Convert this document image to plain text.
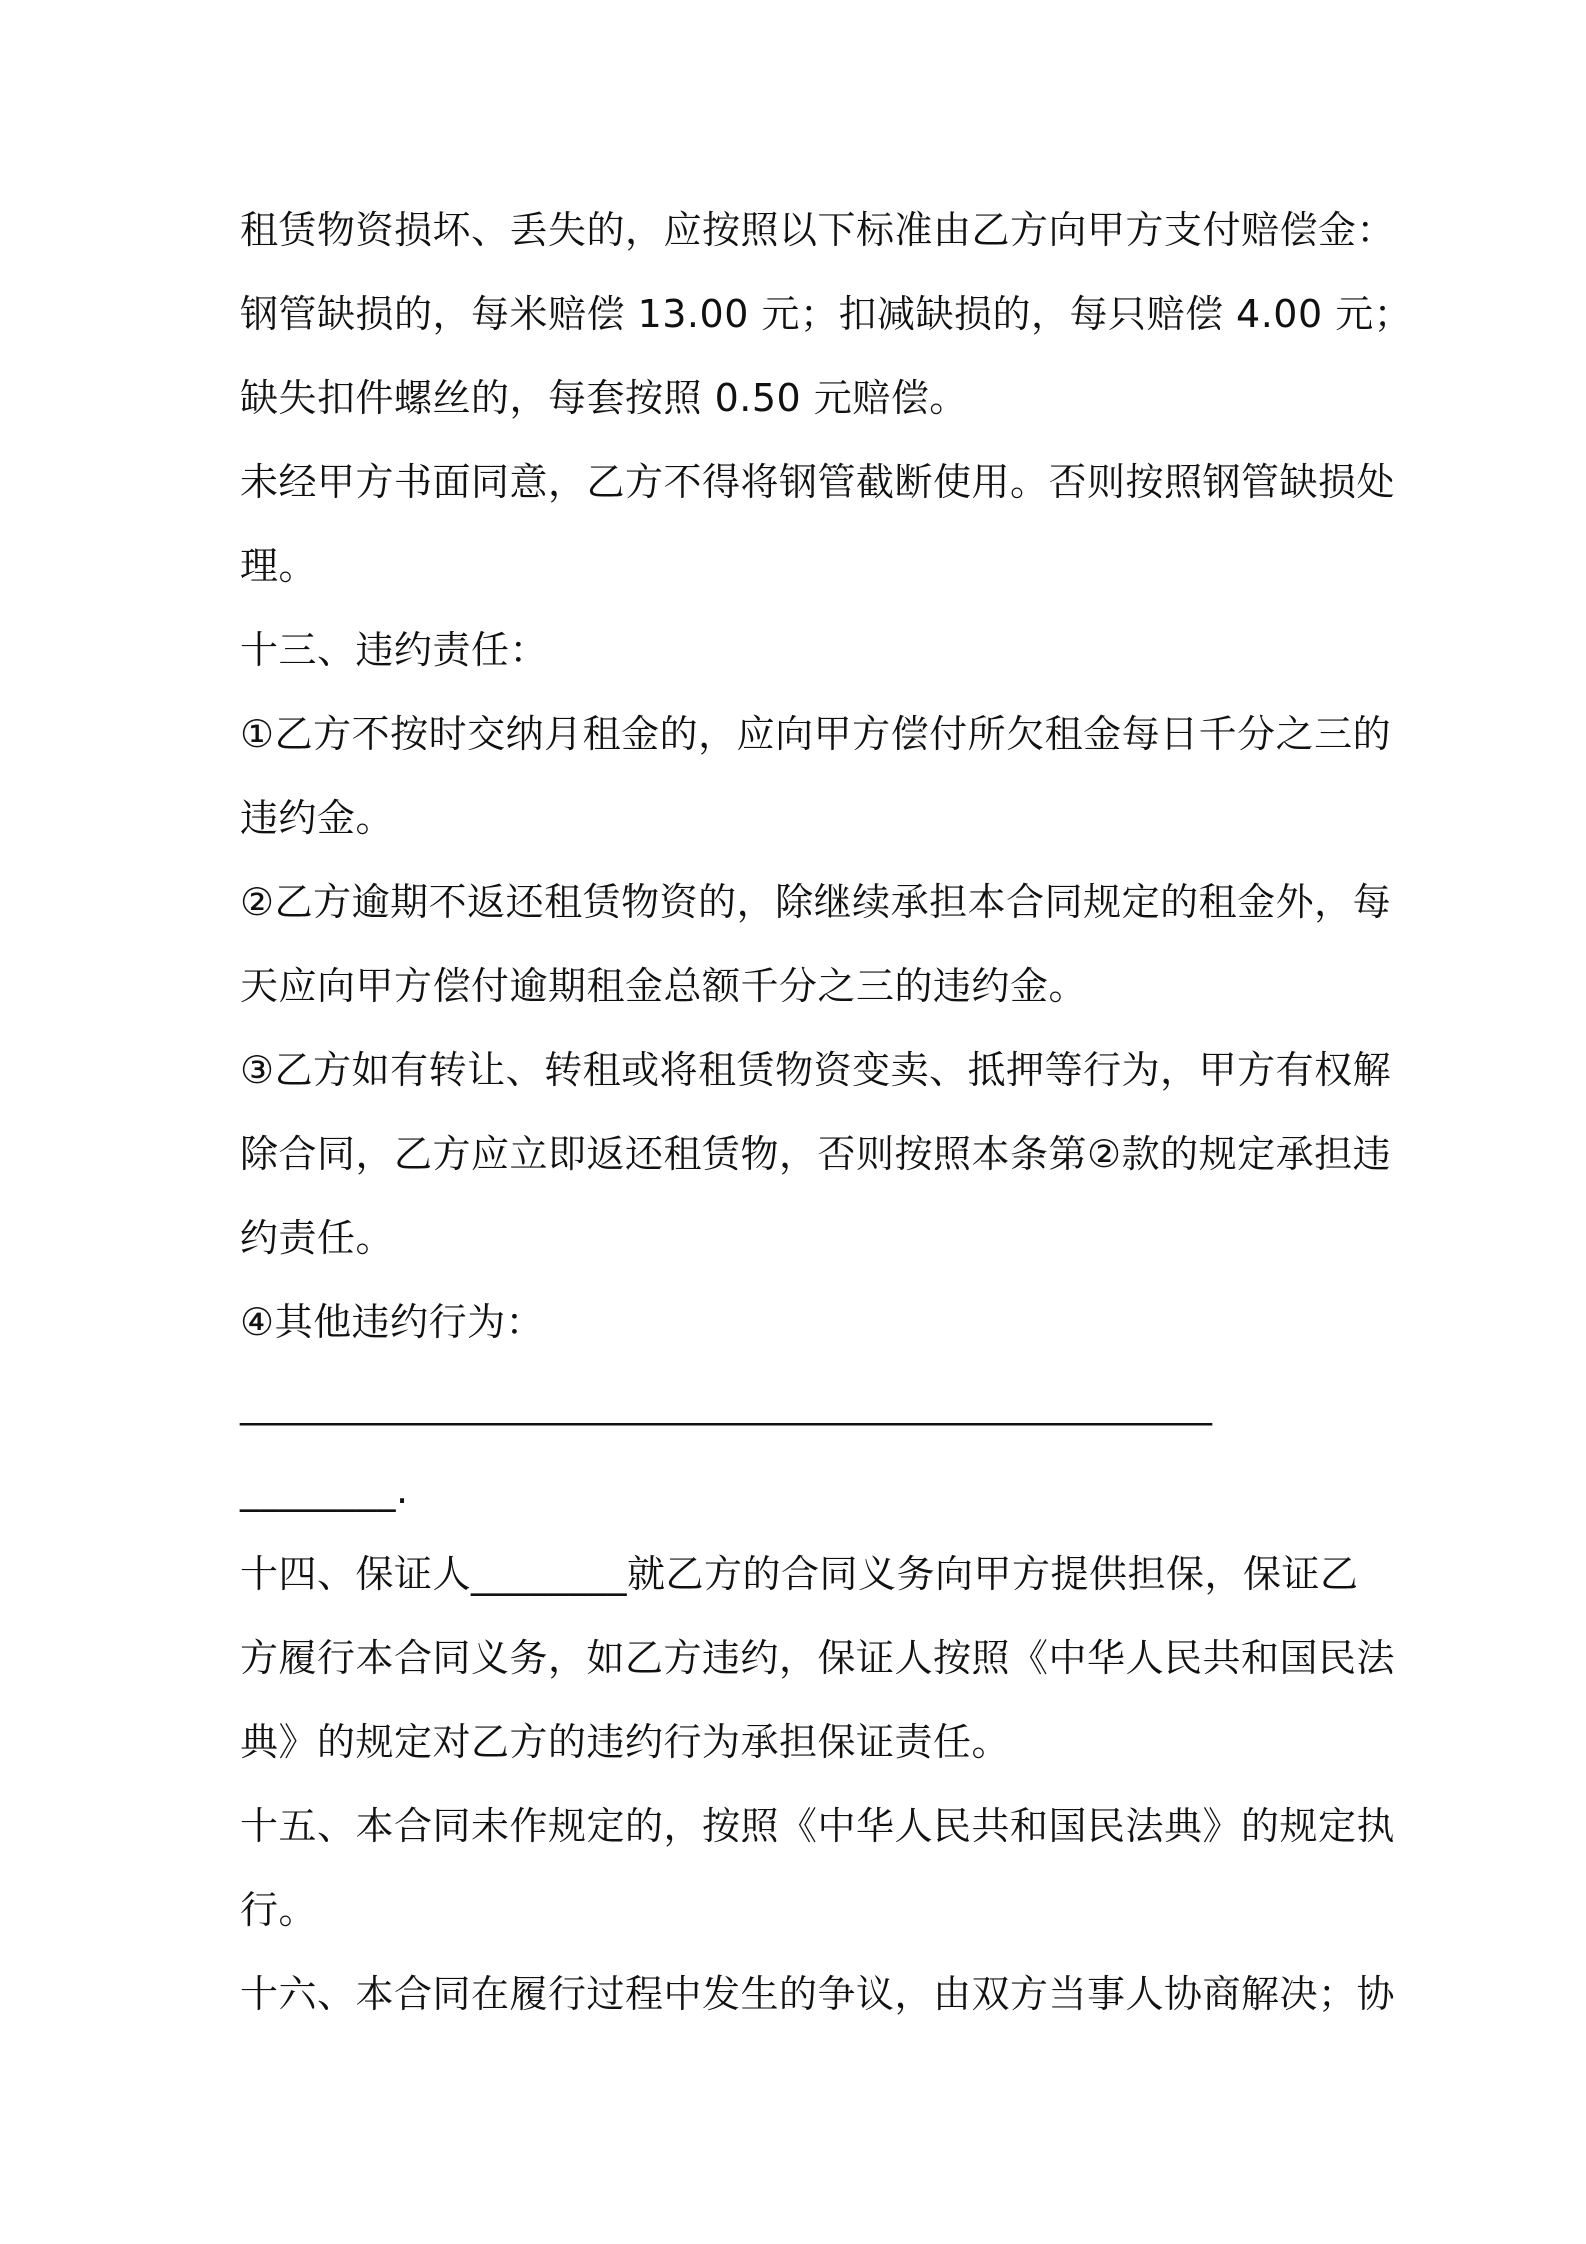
租赁物资损坏、丢失的，应按照以下标准由乙方向甲方支付赔偿金：
钢管缺损的，每米赔偿 13.00 元；扣减缺损的，每只赔偿 4.00 元；
缺失扣件螺丝的，每套按照 0.50 元赔偿。
未经甲方书面同意，乙方不得将钢管截断使用。否则按照钢管缺损处
理。
十三、违约责任：
①乙方不按时交纳月租金的，应向甲方偿付所欠租金每日千分之三的
违约金。
②乙方逾期不返还租赁物资的，除继续承担本合同规定的租金外，每
天应向甲方偿付逾期租金总额千分之三的违约金。
③乙方如有转让、转租或将租赁物资变卖、抵押等行为，甲方有权解
除合同，乙方应立即返还租赁物，否则按照本条第②款的规定承担违
约责任。
④其他违约行为：
______________________________________________________
________.
十四、保证人________就乙方的合同义务向甲方提供担保，保证乙
方履行本合同义务，如乙方违约，保证人按照《中华人民共和国民法
典》的规定对乙方的违约行为承担保证责任。
十五、本合同未作规定的，按照《中华人民共和国民法典》的规定执
行。
十六、本合同在履行过程中发生的争议，由双方当事人协商解决；协
